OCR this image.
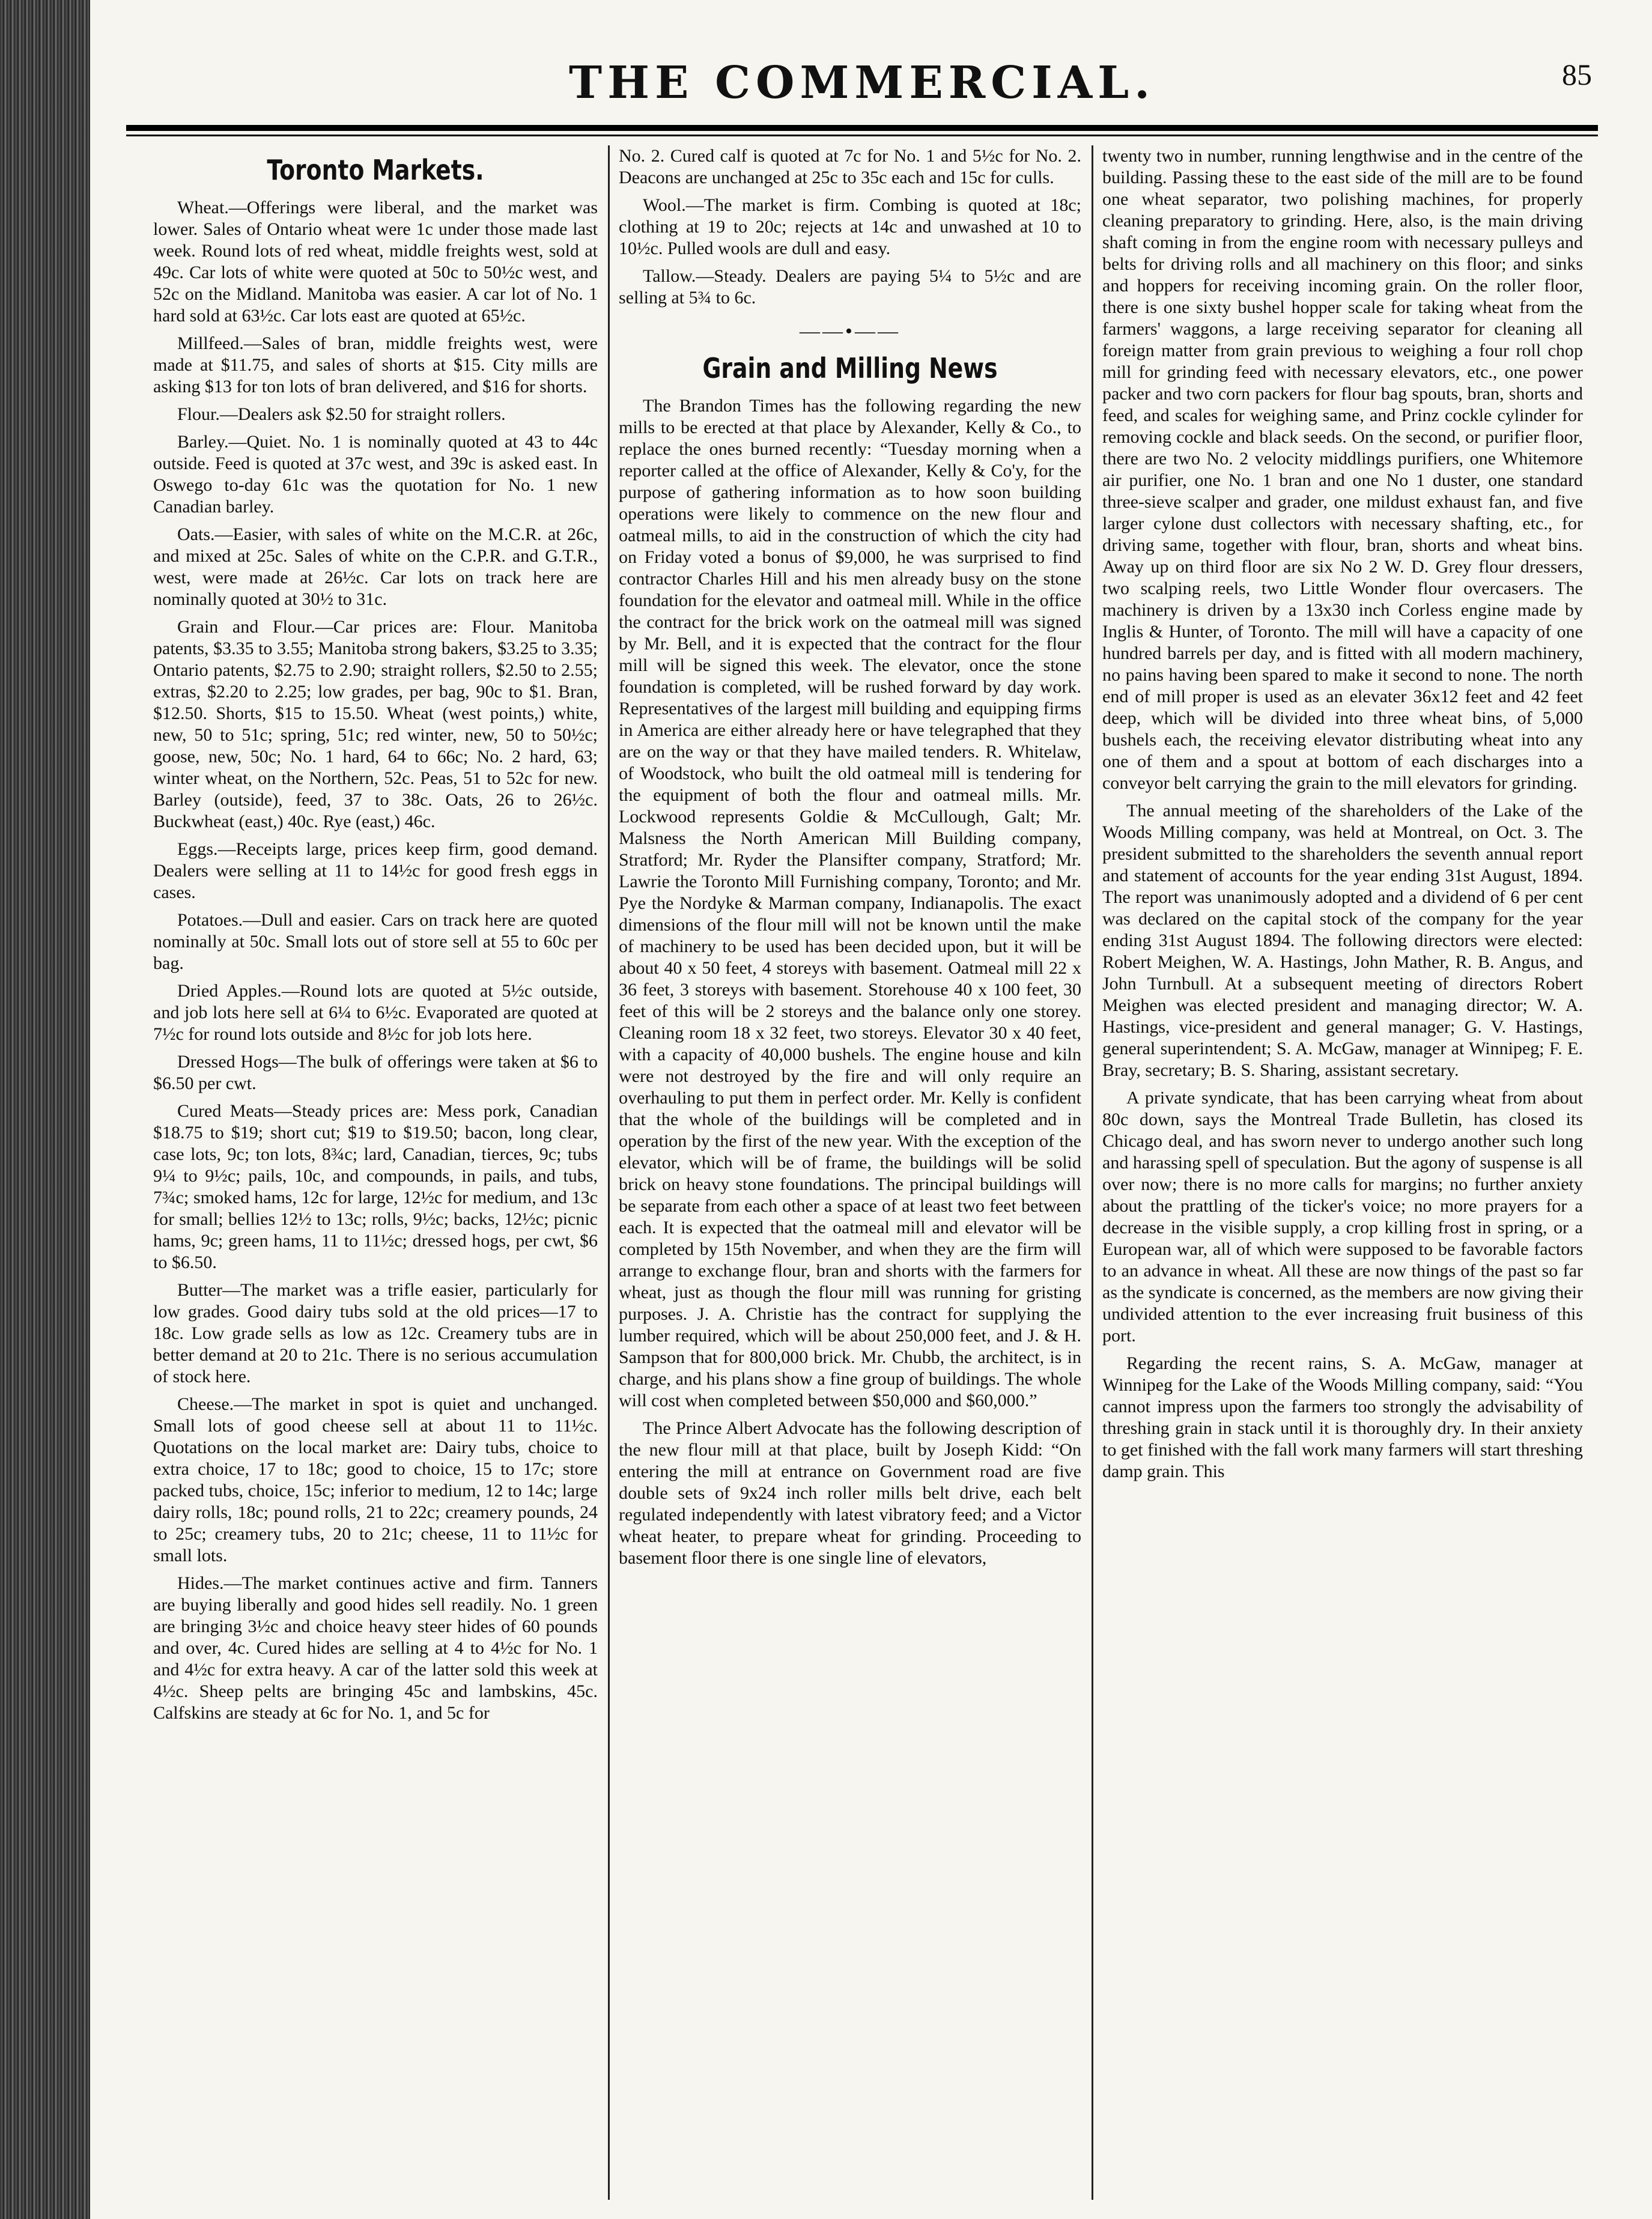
THE COMMERCIAL.	85
Toronto Markets.

Wheat.—Offerings were liberal, and the market was lower. Sales of Ontario wheat were 1c under those made last week. Round lots of red wheat, middle freights west, sold at 49c. Car lots of white were quoted at 50c to 50½c west, and 52c on the Midland. Manitoba was easier. A car lot of No. 1 hard sold at 63½c. Car lots east are quoted at 65½c.

Millfeed.—Sales of bran, middle freights west, were made at $11.75, and sales of shorts at $15. City mills are asking $13 for ton lots of bran delivered, and $16 for shorts.

Flour.—Dealers ask $2.50 for straight rollers.

Barley.—Quiet. No. 1 is nominally quoted at 43 to 44c outside. Feed is quoted at 37c west, and 39c is asked east. In Oswego to-day 61c was the quotation for No. 1 new Canadian barley.

Oats.—Easier, with sales of white on the M.C.R. at 26c, and mixed at 25c. Sales of white on the C.P.R. and G.T.R., west, were made at 26½c. Car lots on track here are nominally quoted at 30½ to 31c.

Grain and Flour.—Car prices are: Flour. Manitoba patents, $3.35 to 3.55; Manitoba strong bakers, $3.25 to 3.35; Ontario patents, $2.75 to 2.90; straight rollers, $2.50 to 2.55; extras, $2.20 to 2.25; low grades, per bag, 90c to $1. Bran, $12.50. Shorts, $15 to 15.50. Wheat (west points,) white, new, 50 to 51c; spring, 51c; red winter, new, 50 to 50½c; goose, new, 50c; No. 1 hard, 64 to 66c; No. 2 hard, 63; winter wheat, on the Northern, 52c. Peas, 51 to 52c for new. Barley (outside), feed, 37 to 38c. Oats, 26 to 26½c. Buckwheat (east,) 40c. Rye (east,) 46c.

Eggs.—Receipts large, prices keep firm, good demand. Dealers were selling at 11 to 14½c for good fresh eggs in cases.

Potatoes.—Dull and easier. Cars on track here are quoted nominally at 50c. Small lots out of store sell at 55 to 60c per bag.

Dried Apples.—Round lots are quoted at 5½c outside, and job lots here sell at 6¼ to 6½c. Evaporated are quoted at 7½c for round lots outside and 8½c for job lots here.

Dressed Hogs—The bulk of offerings were taken at $6 to $6.50 per cwt.

Cured Meats—Steady prices are: Mess pork, Canadian $18.75 to $19; short cut; $19 to $19.50; bacon, long clear, case lots, 9c; ton lots, 8¾c; lard, Canadian, tierces, 9c; tubs 9¼ to 9½c; pails, 10c, and compounds, in pails, and tubs, 7¾c; smoked hams, 12c for large, 12½c for medium, and 13c for small; bellies 12½ to 13c; rolls, 9½c; backs, 12½c; picnic hams, 9c; green hams, 11 to 11½c; dressed hogs, per cwt, $6 to $6.50.

Butter—The market was a trifle easier, particularly for low grades. Good dairy tubs sold at the old prices—17 to 18c. Low grade sells as low as 12c. Creamery tubs are in better demand at 20 to 21c. There is no serious accumulation of stock here.

Cheese.—The market in spot is quiet and unchanged. Small lots of good cheese sell at about 11 to 11½c. Quotations on the local market are: Dairy tubs, choice to extra choice, 17 to 18c; good to choice, 15 to 17c; store packed tubs, choice, 15c; inferior to medium, 12 to 14c; large dairy rolls, 18c; pound rolls, 21 to 22c; creamery pounds, 24 to 25c; creamery tubs, 20 to 21c; cheese, 11 to 11½c for small lots.

Hides.—The market continues active and firm. Tanners are buying liberally and good hides sell readily. No. 1 green are bringing 3½c and choice heavy steer hides of 60 pounds and over, 4c. Cured hides are selling at 4 to 4½c for No. 1 and 4½c for extra heavy. A car of the latter sold this week at 4½c. Sheep pelts are bringing 45c and lambskins, 45c. Calfskins are steady at 6c for No. 1, and 5c for

No. 2. Cured calf is quoted at 7c for No. 1 and 5½c for No. 2. Deacons are unchanged at 25c to 35c each and 15c for culls.

Wool.—The market is firm. Combing is quoted at 18c; clothing at 19 to 20c; rejects at 14c and unwashed at 10 to 10½c. Pulled wools are dull and easy.

Tallow.—Steady. Dealers are paying 5¼ to 5½c and are selling at 5¾ to 6c.

——•——
Grain and Milling News

The Brandon Times has the following regarding the new mills to be erected at that place by Alexander, Kelly & Co., to replace the ones burned recently: “Tuesday morning when a reporter called at the office of Alexander, Kelly & Co'y, for the purpose of gathering information as to how soon building operations were likely to commence on the new flour and oatmeal mills, to aid in the construction of which the city had on Friday voted a bonus of $9,000, he was surprised to find contractor Charles Hill and his men already busy on the stone foundation for the elevator and oatmeal mill. While in the office the contract for the brick work on the oatmeal mill was signed by Mr. Bell, and it is expected that the contract for the flour mill will be signed this week. The elevator, once the stone foundation is completed, will be rushed forward by day work. Representatives of the largest mill building and equipping firms in America are either already here or have telegraphed that they are on the way or that they have mailed tenders. R. Whitelaw, of Woodstock, who built the old oatmeal mill is tendering for the equipment of both the flour and oatmeal mills. Mr. Lockwood represents Goldie & McCullough, Galt; Mr. Malsness the North American Mill Building company, Stratford; Mr. Ryder the Plansifter company, Stratford; Mr. Lawrie the Toronto Mill Furnishing company, Toronto; and Mr. Pye the Nordyke & Marman company, Indianapolis. The exact dimensions of the flour mill will not be known until the make of machinery to be used has been decided upon, but it will be about 40 x 50 feet, 4 storeys with basement. Oatmeal mill 22 x 36 feet, 3 storeys with basement. Storehouse 40 x 100 feet, 30 feet of this will be 2 storeys and the balance only one storey. Cleaning room 18 x 32 feet, two storeys. Elevator 30 x 40 feet, with a capacity of 40,000 bushels. The engine house and kiln were not destroyed by the fire and will only require an overhauling to put them in perfect order. Mr. Kelly is confident that the whole of the buildings will be completed and in operation by the first of the new year. With the exception of the elevator, which will be of frame, the buildings will be solid brick on heavy stone foundations. The principal buildings will be separate from each other a space of at least two feet between each. It is expected that the oatmeal mill and elevator will be completed by 15th November, and when they are the firm will arrange to exchange flour, bran and shorts with the farmers for wheat, just as though the flour mill was running for gristing purposes. J. A. Christie has the contract for supplying the lumber required, which will be about 250,000 feet, and J. & H. Sampson that for 800,000 brick. Mr. Chubb, the architect, is in charge, and his plans show a fine group of buildings. The whole will cost when completed between $50,000 and $60,000.”

The Prince Albert Advocate has the following description of the new flour mill at that place, built by Joseph Kidd: “On entering the mill at entrance on Government road are five double sets of 9x24 inch roller mills belt drive, each belt regulated independently with latest vibratory feed; and a Victor wheat heater, to prepare wheat for grinding. Proceeding to basement floor there is one single line of elevators,

twenty two in number, running lengthwise and in the centre of the building. Passing these to the east side of the mill are to be found one wheat separator, two polishing machines, for properly cleaning preparatory to grinding. Here, also, is the main driving shaft coming in from the engine room with necessary pulleys and belts for driving rolls and all machinery on this floor; and sinks and hoppers for receiving incoming grain. On the roller floor, there is one sixty bushel hopper scale for taking wheat from the farmers' waggons, a large receiving separator for cleaning all foreign matter from grain previous to weighing a four roll chop mill for grinding feed with necessary elevators, etc., one power packer and two corn packers for flour bag spouts, bran, shorts and feed, and scales for weighing same, and Prinz cockle cylinder for removing cockle and black seeds. On the second, or purifier floor, there are two No. 2 velocity middlings purifiers, one Whitemore air purifier, one No. 1 bran and one No 1 duster, one standard three-sieve scalper and grader, one mildust exhaust fan, and five larger cylone dust collectors with necessary shafting, etc., for driving same, together with flour, bran, shorts and wheat bins. Away up on third floor are six No 2 W. D. Grey flour dressers, two scalping reels, two Little Wonder flour overcasers. The machinery is driven by a 13x30 inch Corless engine made by Inglis & Hunter, of Toronto. The mill will have a capacity of one hundred barrels per day, and is fitted with all modern machinery, no pains having been spared to make it second to none. The north end of mill proper is used as an elevater 36x12 feet and 42 feet deep, which will be divided into three wheat bins, of 5,000 bushels each, the receiving elevator distributing wheat into any one of them and a spout at bottom of each discharges into a conveyor belt carrying the grain to the mill elevators for grinding.

The annual meeting of the shareholders of the Lake of the Woods Milling company, was held at Montreal, on Oct. 3. The president submitted to the shareholders the seventh annual report and statement of accounts for the year ending 31st August, 1894. The report was unanimously adopted and a dividend of 6 per cent was declared on the capital stock of the company for the year ending 31st August 1894. The following directors were elected: Robert Meighen, W. A. Hastings, John Mather, R. B. Angus, and John Turnbull. At a subsequent meeting of directors Robert Meighen was elected president and managing director; W. A. Hastings, vice-president and general manager; G. V. Hastings, general superintendent; S. A. McGaw, manager at Winnipeg; F. E. Bray, secretary; B. S. Sharing, assistant secretary.

A private syndicate, that has been carrying wheat from about 80c down, says the Montreal Trade Bulletin, has closed its Chicago deal, and has sworn never to undergo another such long and harassing spell of speculation. But the agony of suspense is all over now; there is no more calls for margins; no further anxiety about the prattling of the ticker's voice; no more prayers for a decrease in the visible supply, a crop killing frost in spring, or a European war, all of which were supposed to be favorable factors to an advance in wheat. All these are now things of the past so far as the syndicate is concerned, as the members are now giving their undivided attention to the ever increasing fruit business of this port.

Regarding the recent rains, S. A. McGaw, manager at Winnipeg for the Lake of the Woods Milling company, said: “You cannot impress upon the farmers too strongly the advisability of threshing grain in stack until it is thoroughly dry. In their anxiety to get finished with the fall work many farmers will start threshing damp grain. This
